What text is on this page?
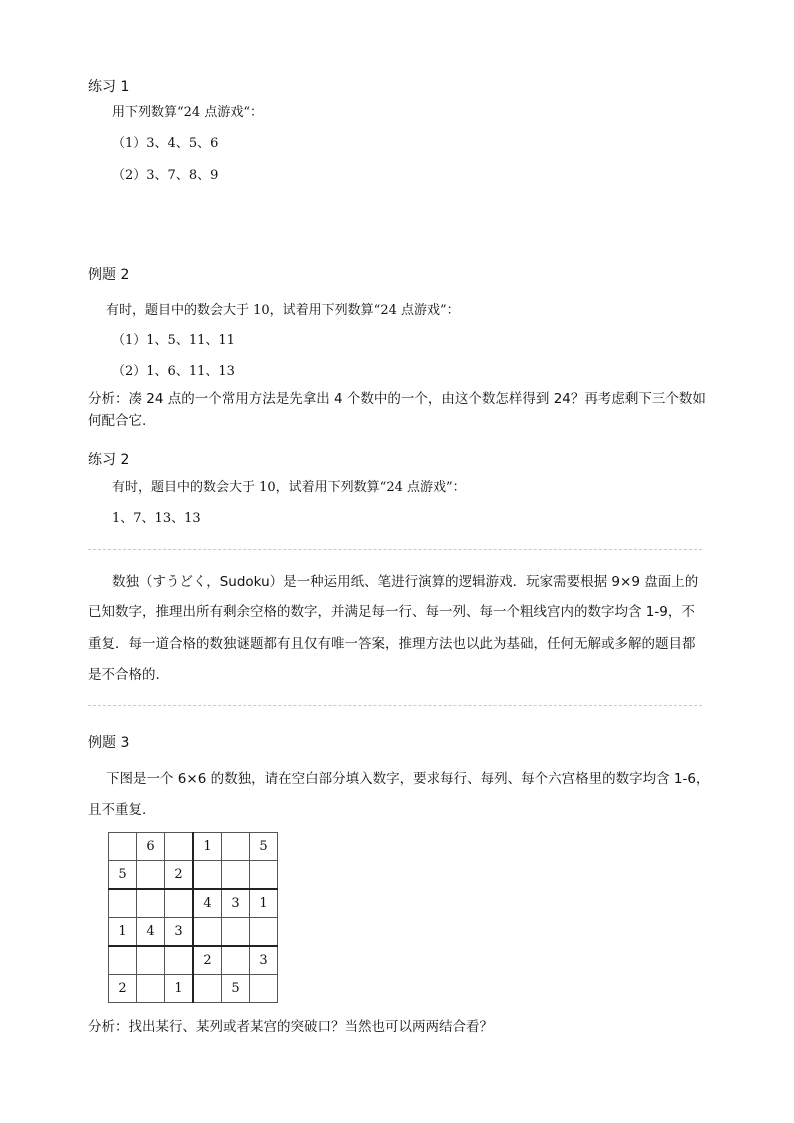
练习 1
用下列数算“24 点游戏“：
（1）3、4、5、6
（2）3、7、8、9
例题 2
有时，题目中的数会大于 10，试着用下列数算“24 点游戏”：
（1）1、5、11、11
（2）1、6、11、13
分析：凑 24 点的一个常用方法是先拿出 4 个数中的一个，由这个数怎样得到 24？再考虑剩下三个数如
何配合它.
练习 2
有时，题目中的数会大于 10，试着用下列数算“24 点游戏”：
1、7、13、13
数独（すうどく，Sudoku）是一种运用纸、笔进行演算的逻辑游戏．玩家需要根据 9×9 盘面上的
已知数字，推理出所有剩余空格的数字，并满足每一行、每一列、每一个粗线宫内的数字均含 1-9，不
重复．每一道合格的数独谜题都有且仅有唯一答案，推理方法也以此为基础，任何无解或多解的题目都
是不合格的.
例题 3
下图是一个 6×6 的数独，请在空白部分填入数字，要求每行、每列、每个六宫格里的数字均含 1-6，
且不重复.
	6		1		5
5		2			
			4	3	1
1	4	3			
			2		3
2		1		5	
分析：找出某行、某列或者某宫的突破口？当然也可以两两结合看？
